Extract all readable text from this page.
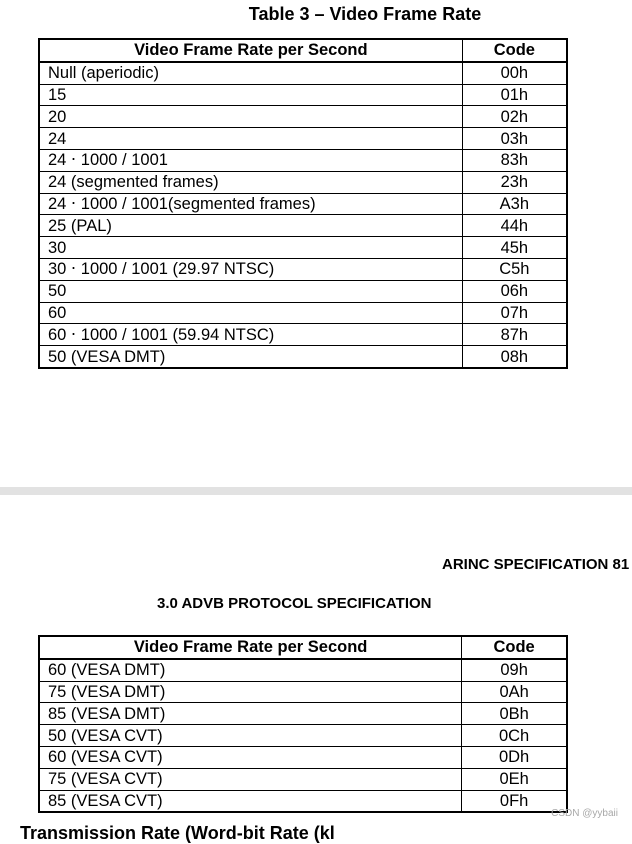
Table 3 – Video Frame Rate
Video Frame Rate per Second	Code
Null (aperiodic)	00h
15	01h
20	02h
24	03h
24 ⋅ 1000 / 1001	83h
24 (segmented frames)	23h
24 ⋅ 1000 / 1001(segmented frames)	A3h
25 (PAL)	44h
30	45h
30 ⋅ 1000 / 1001 (29.97 NTSC)	C5h
50	06h
60	07h
60 ⋅ 1000 / 1001 (59.94 NTSC)	87h
50 (VESA DMT)	08h
ARINC SPECIFICATION 81
3.0 ADVB PROTOCOL SPECIFICATION
Video Frame Rate per Second	Code
60 (VESA DMT)	09h
75 (VESA DMT)	0Ah
85 (VESA DMT)	0Bh
50 (VESA CVT)	0Ch
60 (VESA CVT)	0Dh
75 (VESA CVT)	0Eh
85 (VESA CVT)	0Fh
Transmission Rate (Word-bit Rate (kl
CSDN @yybaii
